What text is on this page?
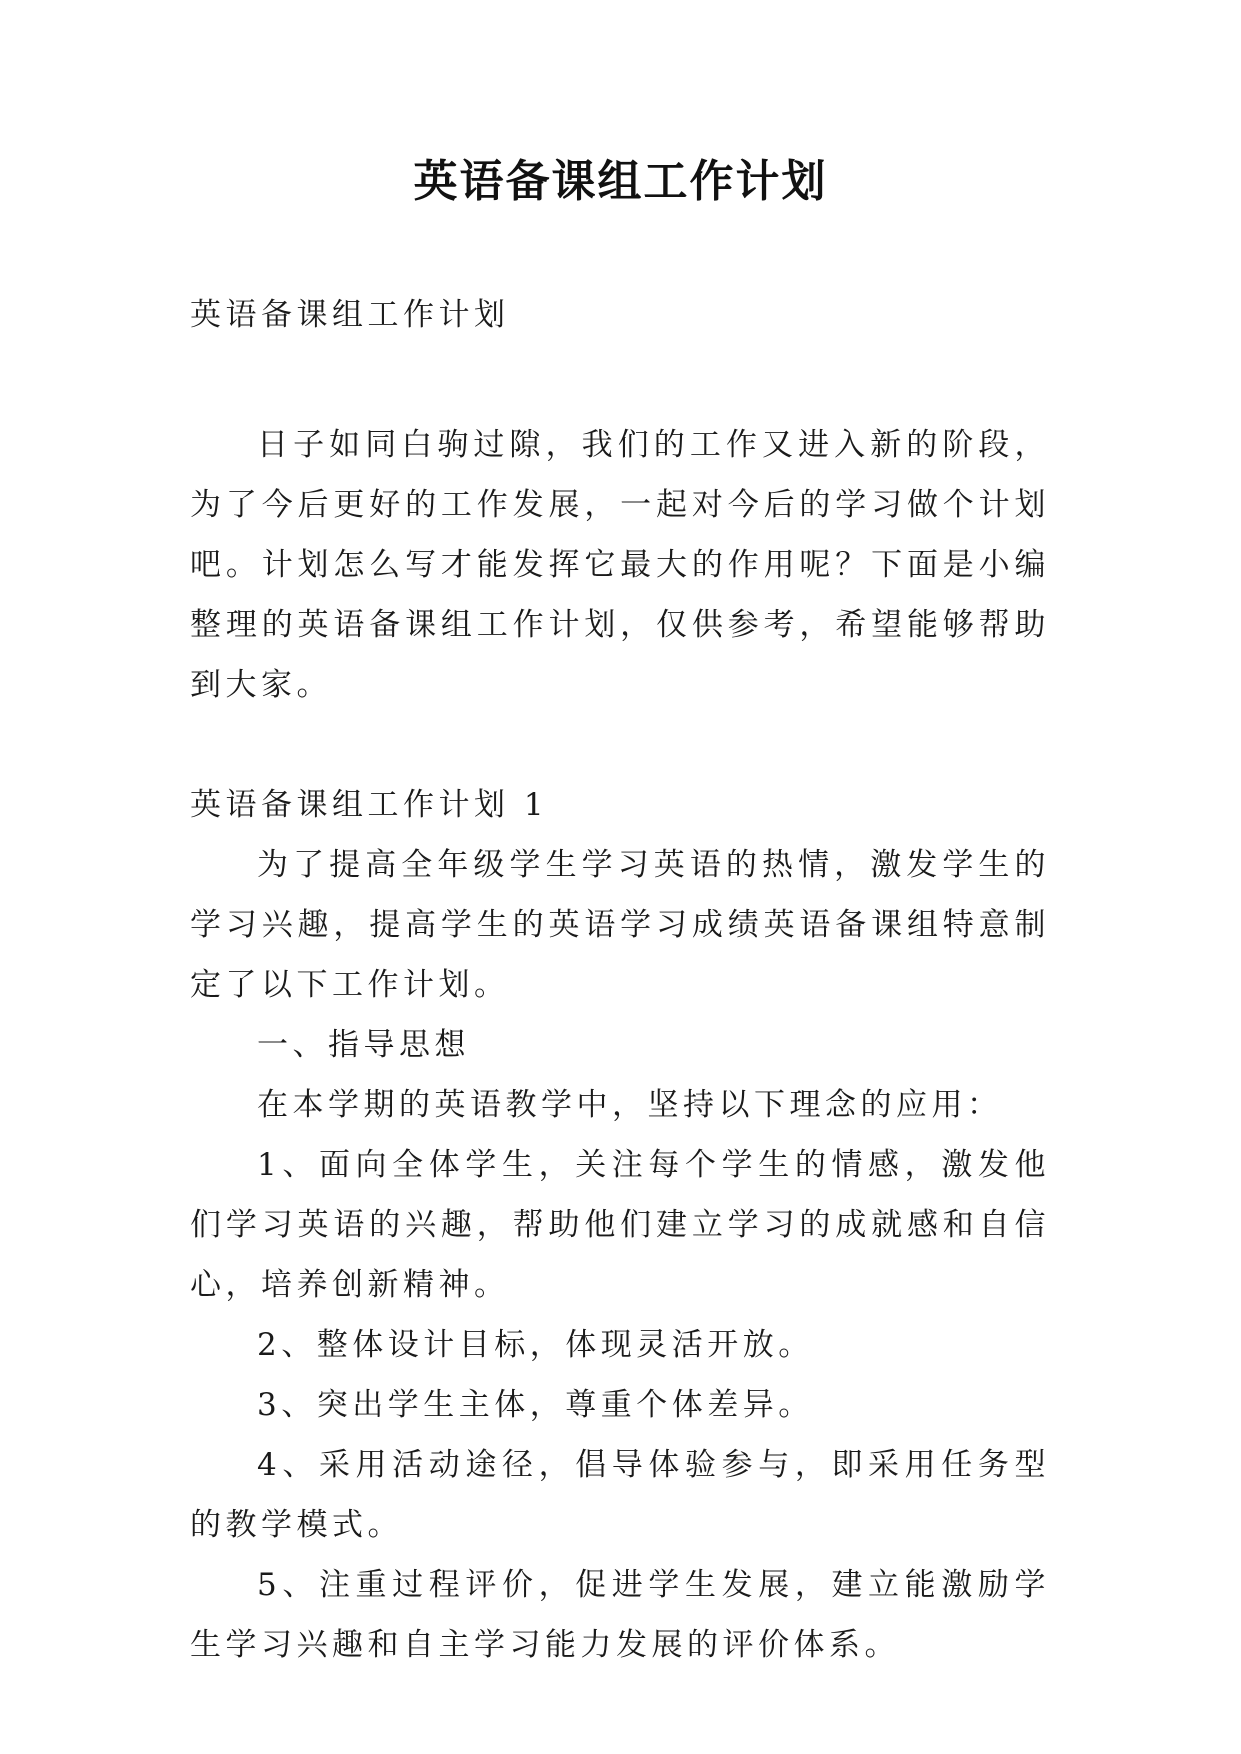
英语备课组工作计划

英语备课组工作计划

日子如同白驹过隙，我们的工作又进入新的阶段，为了今后更好的工作发展，一起对今后的学习做个计划吧。计划怎么写才能发挥它最大的作用呢？下面是小编整理的英语备课组工作计划，仅供参考，希望能够帮助到大家。

英语备课组工作计划 1

为了提高全年级学生学习英语的热情，激发学生的学习兴趣，提高学生的英语学习成绩英语备课组特意制定了以下工作计划。

一、指导思想

在本学期的英语教学中，坚持以下理念的应用：

1、面向全体学生，关注每个学生的情感，激发他们学习英语的兴趣，帮助他们建立学习的成就感和自信心，培养创新精神。

2、整体设计目标，体现灵活开放。

3、突出学生主体，尊重个体差异。

4、采用活动途径，倡导体验参与，即采用任务型的教学模式。

5、注重过程评价，促进学生发展，建立能激励学生学习兴趣和自主学习能力发展的评价体系。
